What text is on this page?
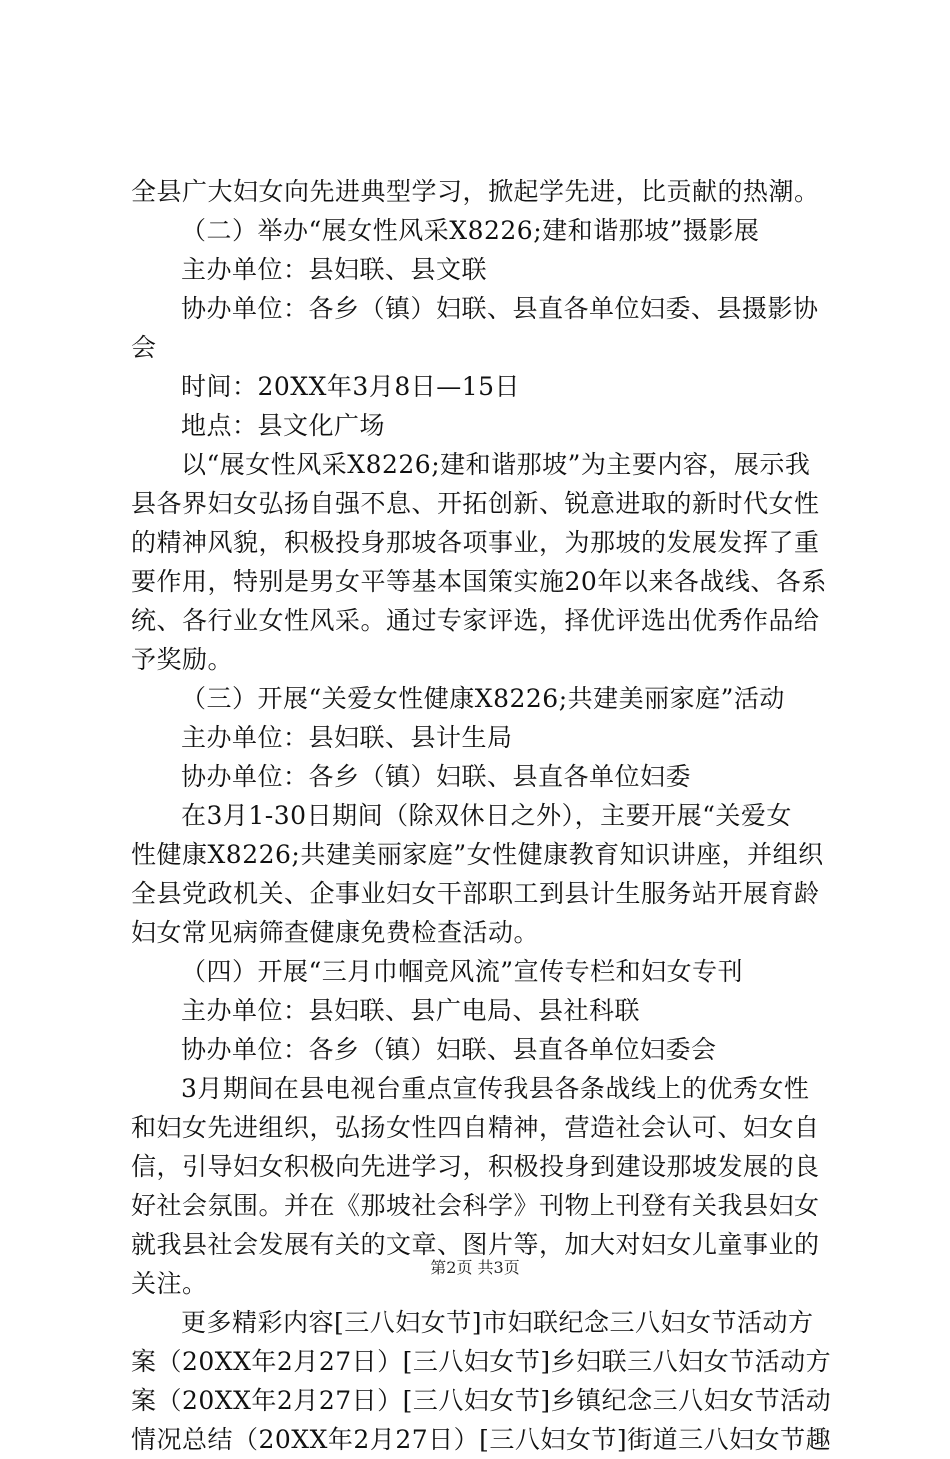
全县广大妇女向先进典型学习，掀起学先进，比贡献的热潮。
（二）举办“展女性风采X8226;建和谐那坡”摄影展
主办单位：县妇联、县文联
协办单位：各乡（镇）妇联、县直各单位妇委、县摄影协
会
时间：20XX年3月8日—15日
地点：县文化广场
以“展女性风采X8226;建和谐那坡”为主要内容，展示我
县各界妇女弘扬自强不息、开拓创新、锐意进取的新时代女性
的精神风貌，积极投身那坡各项事业，为那坡的发展发挥了重
要作用，特别是男女平等基本国策实施20年以来各战线、各系
统、各行业女性风采。通过专家评选，择优评选出优秀作品给
予奖励。
（三）开展“关爱女性健康X8226;共建美丽家庭”活动
主办单位：县妇联、县计生局
协办单位：各乡（镇）妇联、县直各单位妇委
在3月1-30日期间（除双休日之外），主要开展“关爱女
性健康X8226;共建美丽家庭”女性健康教育知识讲座，并组织
全县党政机关、企事业妇女干部职工到县计生服务站开展育龄
妇女常见病筛查健康免费检查活动。
（四）开展“三月巾帼竞风流”宣传专栏和妇女专刊
主办单位：县妇联、县广电局、县社科联
协办单位：各乡（镇）妇联、县直各单位妇委会
3月期间在县电视台重点宣传我县各条战线上的优秀女性
和妇女先进组织，弘扬女性四自精神，营造社会认可、妇女自
信，引导妇女积极向先进学习，积极投身到建设那坡发展的良
好社会氛围。并在《那坡社会科学》刊物上刊登有关我县妇女
就我县社会发展有关的文章、图片等，加大对妇女儿童事业的
关注。
更多精彩内容[三八妇女节]市妇联纪念三八妇女节活动方
案（20XX年2月27日）[三八妇女节]乡妇联三八妇女节活动方
案（20XX年2月27日）[三八妇女节]乡镇纪念三八妇女节活动
情况总结（20XX年2月27日）[三八妇女节]街道三八妇女节趣
第2页 共3页
